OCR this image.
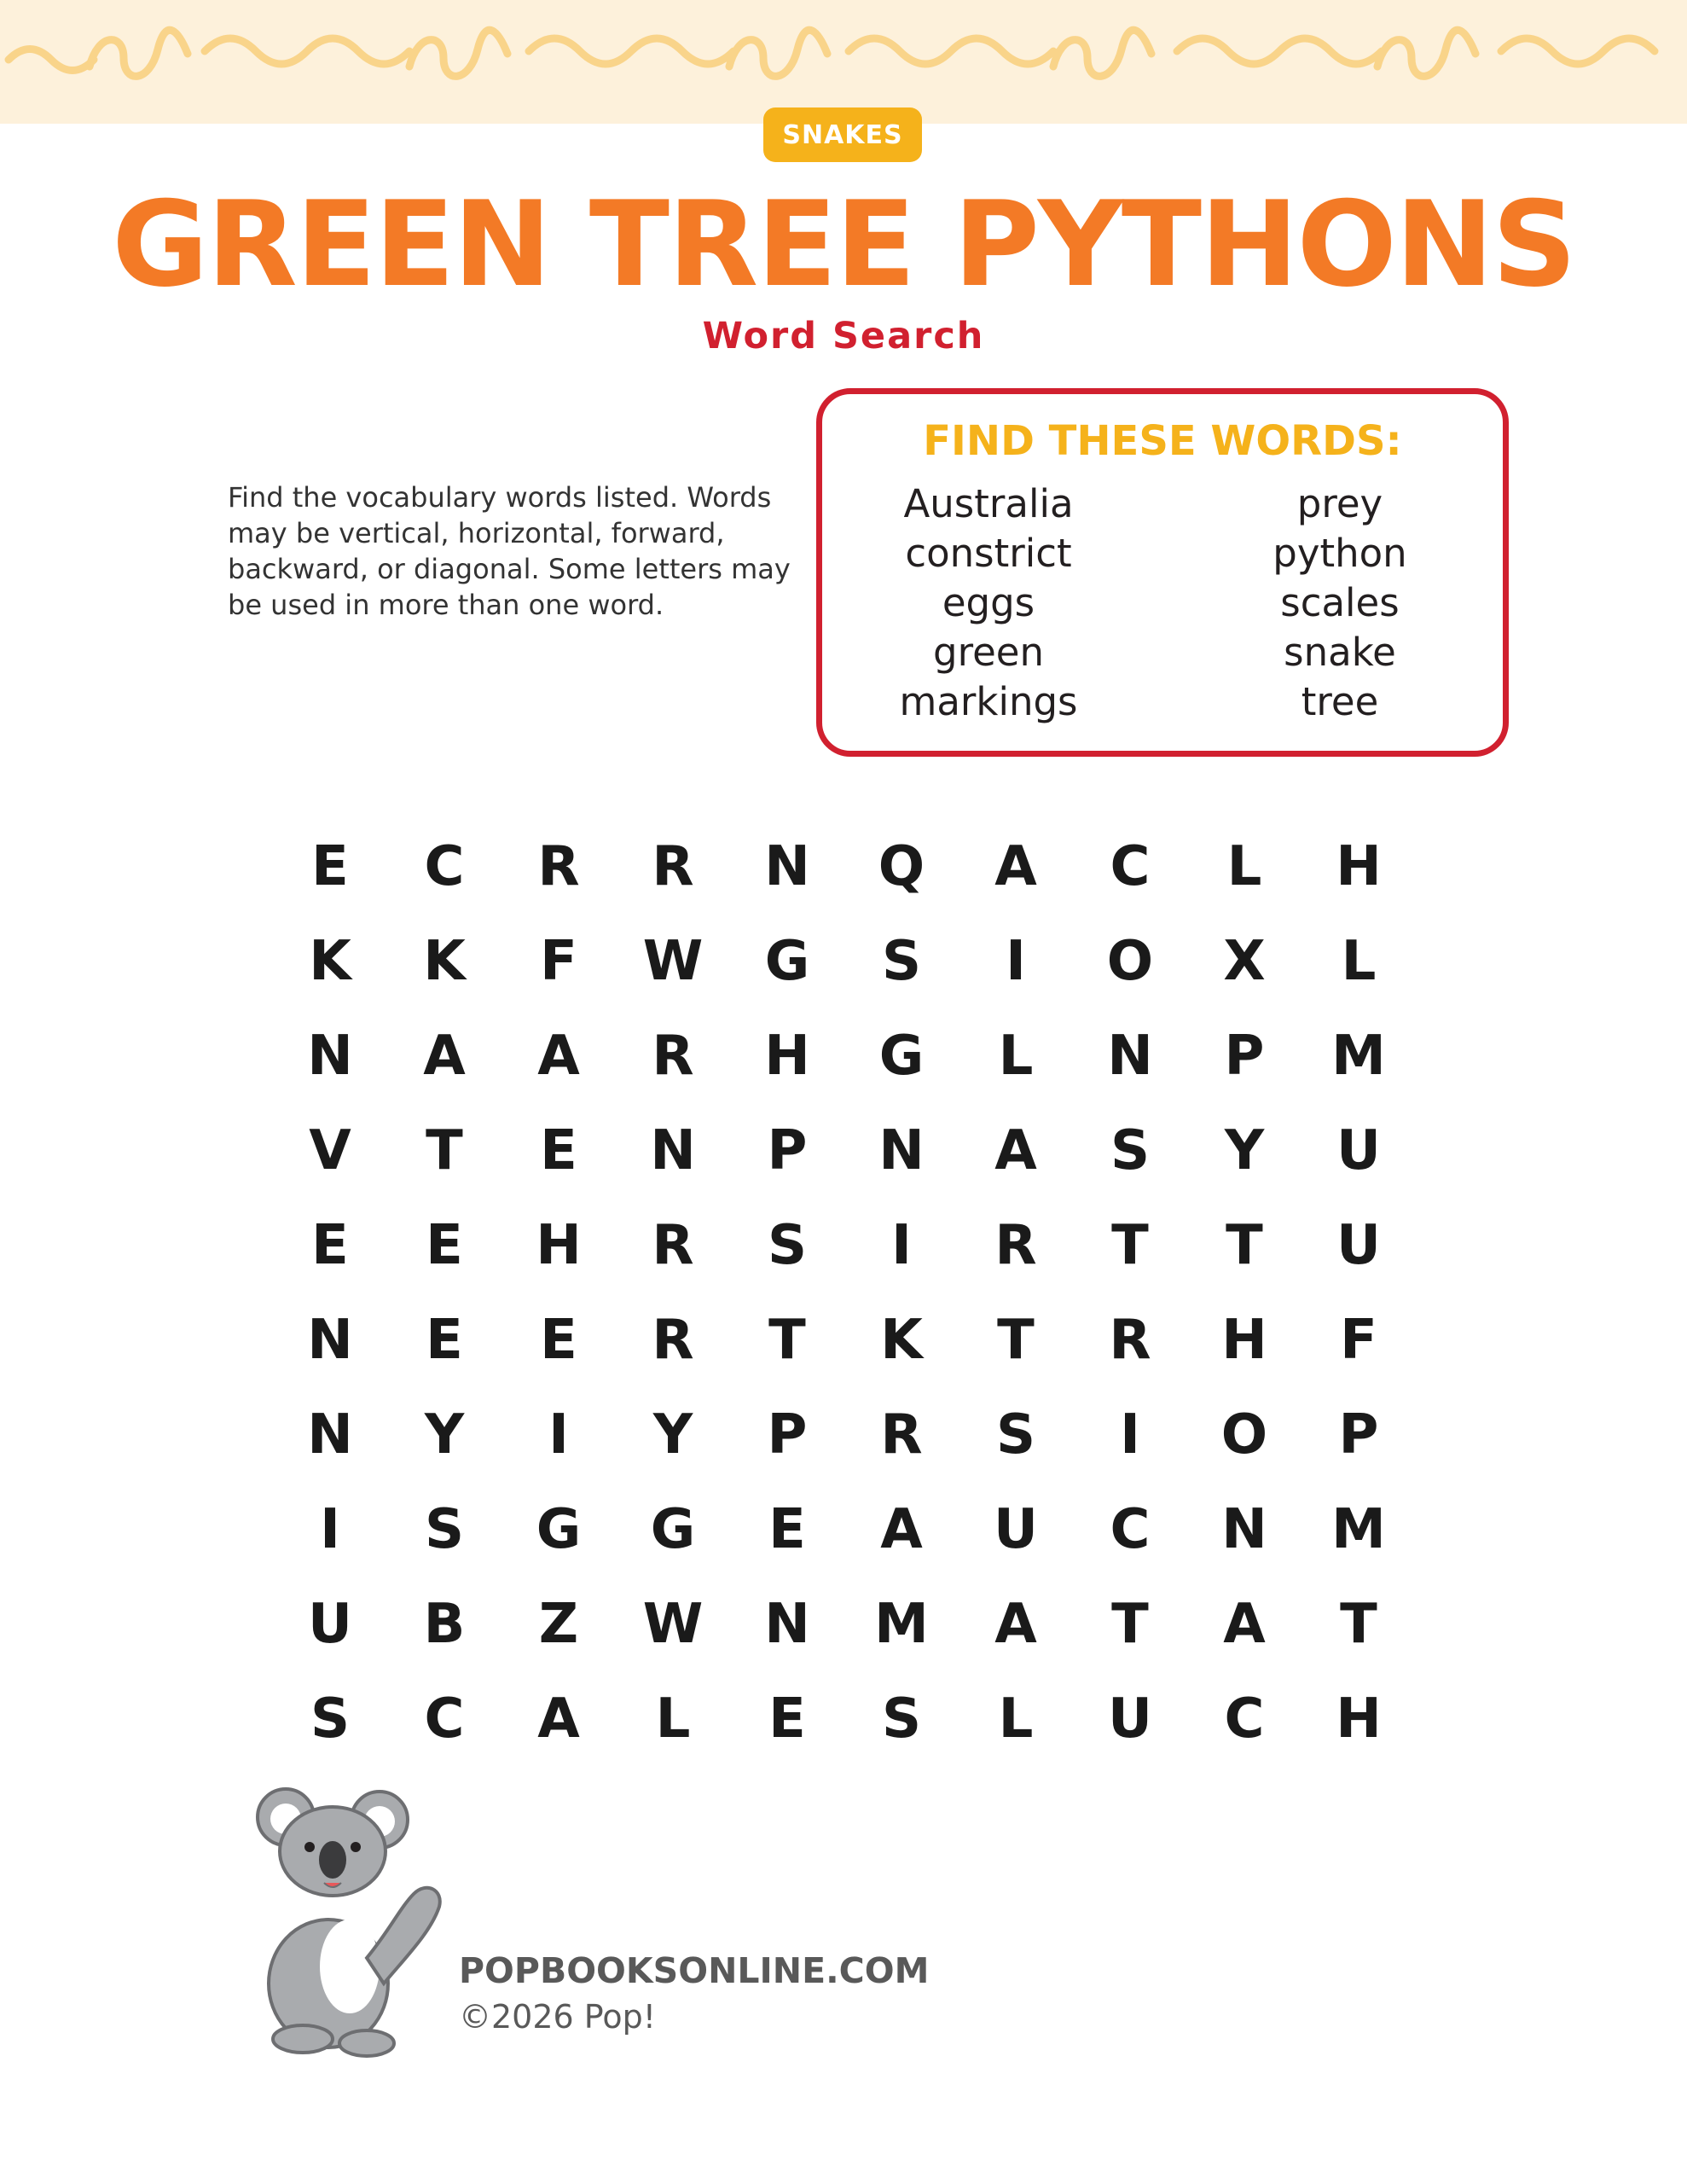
SNAKES
GREEN TREE PYTHONS
Word Search

Find the vocabulary words listed. Words may be vertical, horizontal, forward, backward, or diagonal. Some letters may be used in more than one word.

FIND THESE WORDS:
Australia
constrict
eggs
green
markings
prey
python
scales
snake
tree
E	C	R	R	N	Q	A	C	L	H
K	K	F	W	G	S	I	O	X	L
N	A	A	R	H	G	L	N	P	M
V	T	E	N	P	N	A	S	Y	U
E	E	H	R	S	I	R	T	T	U
N	E	E	R	T	K	T	R	H	F
N	Y	I	Y	P	R	S	I	O	P
I	S	G	G	E	A	U	C	N	M
U	B	Z	W	N	M	A	T	A	T
S	C	A	L	E	S	L	U	C	H
POPBOOKSONLINE.COM
©2026 Pop!
